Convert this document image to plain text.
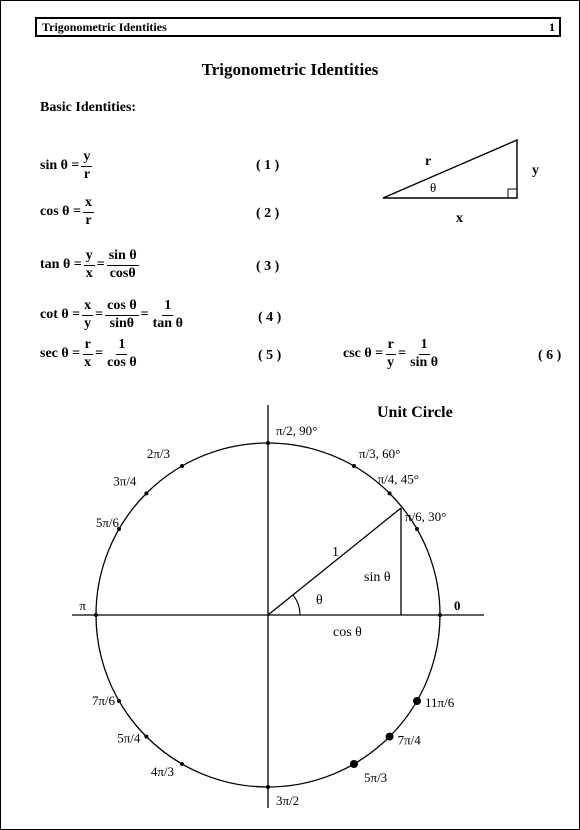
Trigonometric Identities	1
Trigonometric Identities
Basic Identities:
$\sin \theta = \frac{y}{r}$	( 1 )
$\cos \theta = \frac{x}{r}$	( 2 )
$\tan \theta = \frac{y}{x} = \frac{\text{sin θ}}{\cos\theta}$	( 3 )
$\cot \theta = \frac{x}{y} = \frac{\text{cos θ}}{\sin\theta} = \frac{1}{\text{tan θ}}$	( 4 )
$\sec \theta = \frac{r}{x} = \frac{1}{\text{cos θ}}$	( 5 )	$\csc \theta = \frac{r}{y} = \frac{1}{\text{sin θ}}$	( 6 )
r
y
x
θ
Unit Circle
1
sin θ
cos θ
θ	0
π/6, 30°
π/4, 45°
π/3, 60°
π/2, 90°
2π/3
3π/4
5π/6
π
7π/6
5π/4
4π/3
3π/2
5π/3
7π/4
11π/6
